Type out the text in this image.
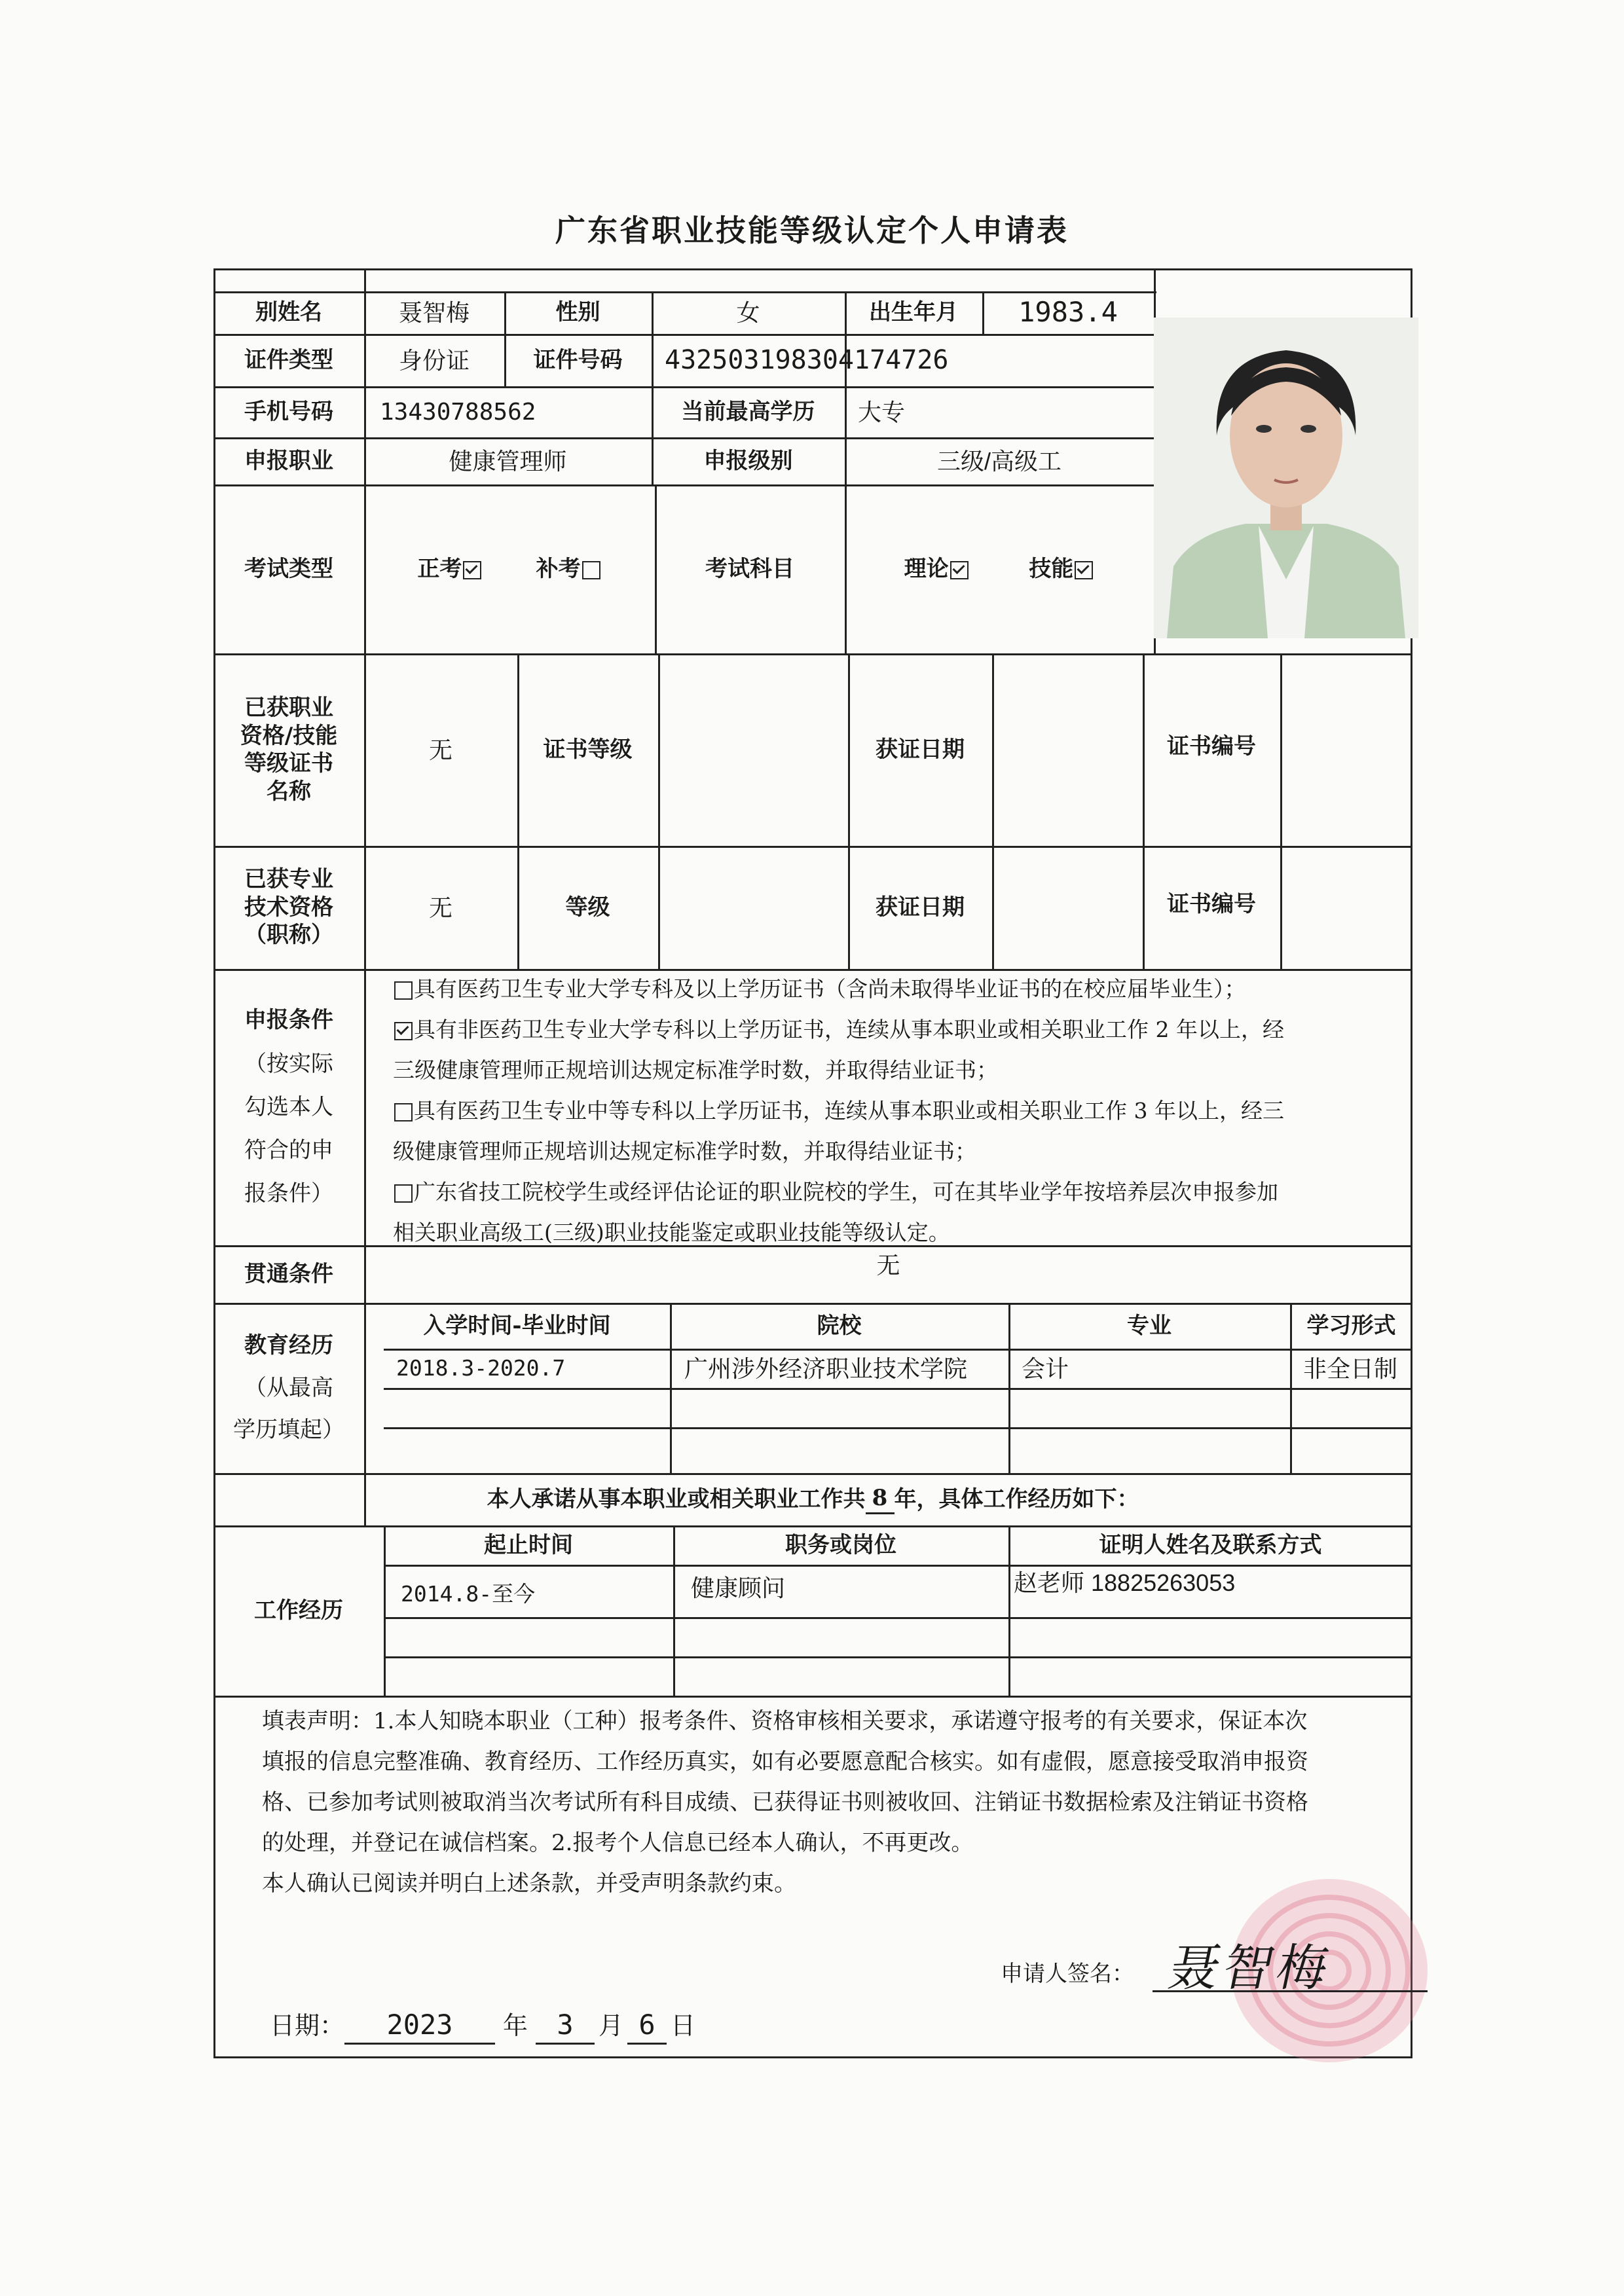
广东省职业技能等级认定个人申请表
别姓名	聂智梅	性别	女	出生年月	1983.4
证件类型	身份证	证件号码	432503198304174726
手机号码	13430788562	当前最高学历	大专
申报职业	健康管理师	申报级别	三级/高级工
考试类型	正考	补考	考试科目	理论	技能
已获职业
资格/技能
等级证书
名称
无	证书等级	获证日期	证书编号
已获专业
技术资格
（职称）
无	等级	获证日期	证书编号
申报条件
（按实际
勾选本人
符合的申
报条件）
具有医药卫生专业大学专科及以上学历证书（含尚未取得毕业证书的在校应届毕业生）；
具有非医药卫生专业大学专科以上学历证书，连续从事本职业或相关职业工作 2 年以上，经
三级健康管理师正规培训达规定标准学时数，并取得结业证书；
具有医药卫生专业中等专科以上学历证书，连续从事本职业或相关职业工作 3 年以上，经三
级健康管理师正规培训达规定标准学时数，并取得结业证书；
广东省技工院校学生或经评估论证的职业院校的学生，可在其毕业学年按培养层次申报参加
相关职业高级工(三级)职业技能鉴定或职业技能等级认定。
贯通条件	无
教育经历
（从最高
学历填起）
入学时间-毕业时间	院校	专业	学习形式
2018.3-2020.7	广州涉外经济职业技术学院	会计	非全日制
本人承诺从事本职业或相关职业工作共 8 年，具体工作经历如下：
工作经历
起止时间	职务或岗位	证明人姓名及联系方式
2014.8-至今	健康顾问	赵老师 18825263053
填表声明：1.本人知晓本职业（工种）报考条件、资格审核相关要求，承诺遵守报考的有关要求，保证本次
填报的信息完整准确、教育经历、工作经历真实，如有必要愿意配合核实。如有虚假，愿意接受取消申报资
格、已参加考试则被取消当次考试所有科目成绩、已获得证书则被收回、注销证书数据检索及注销证书资格
的处理，并登记在诚信档案。2.报考个人信息已经本人确认，不再更改。
本人确认已阅读并明白上述条款，并受声明条款约束。
申请人签名： 聂智梅
日期：	2023	年	3	月 6 日
